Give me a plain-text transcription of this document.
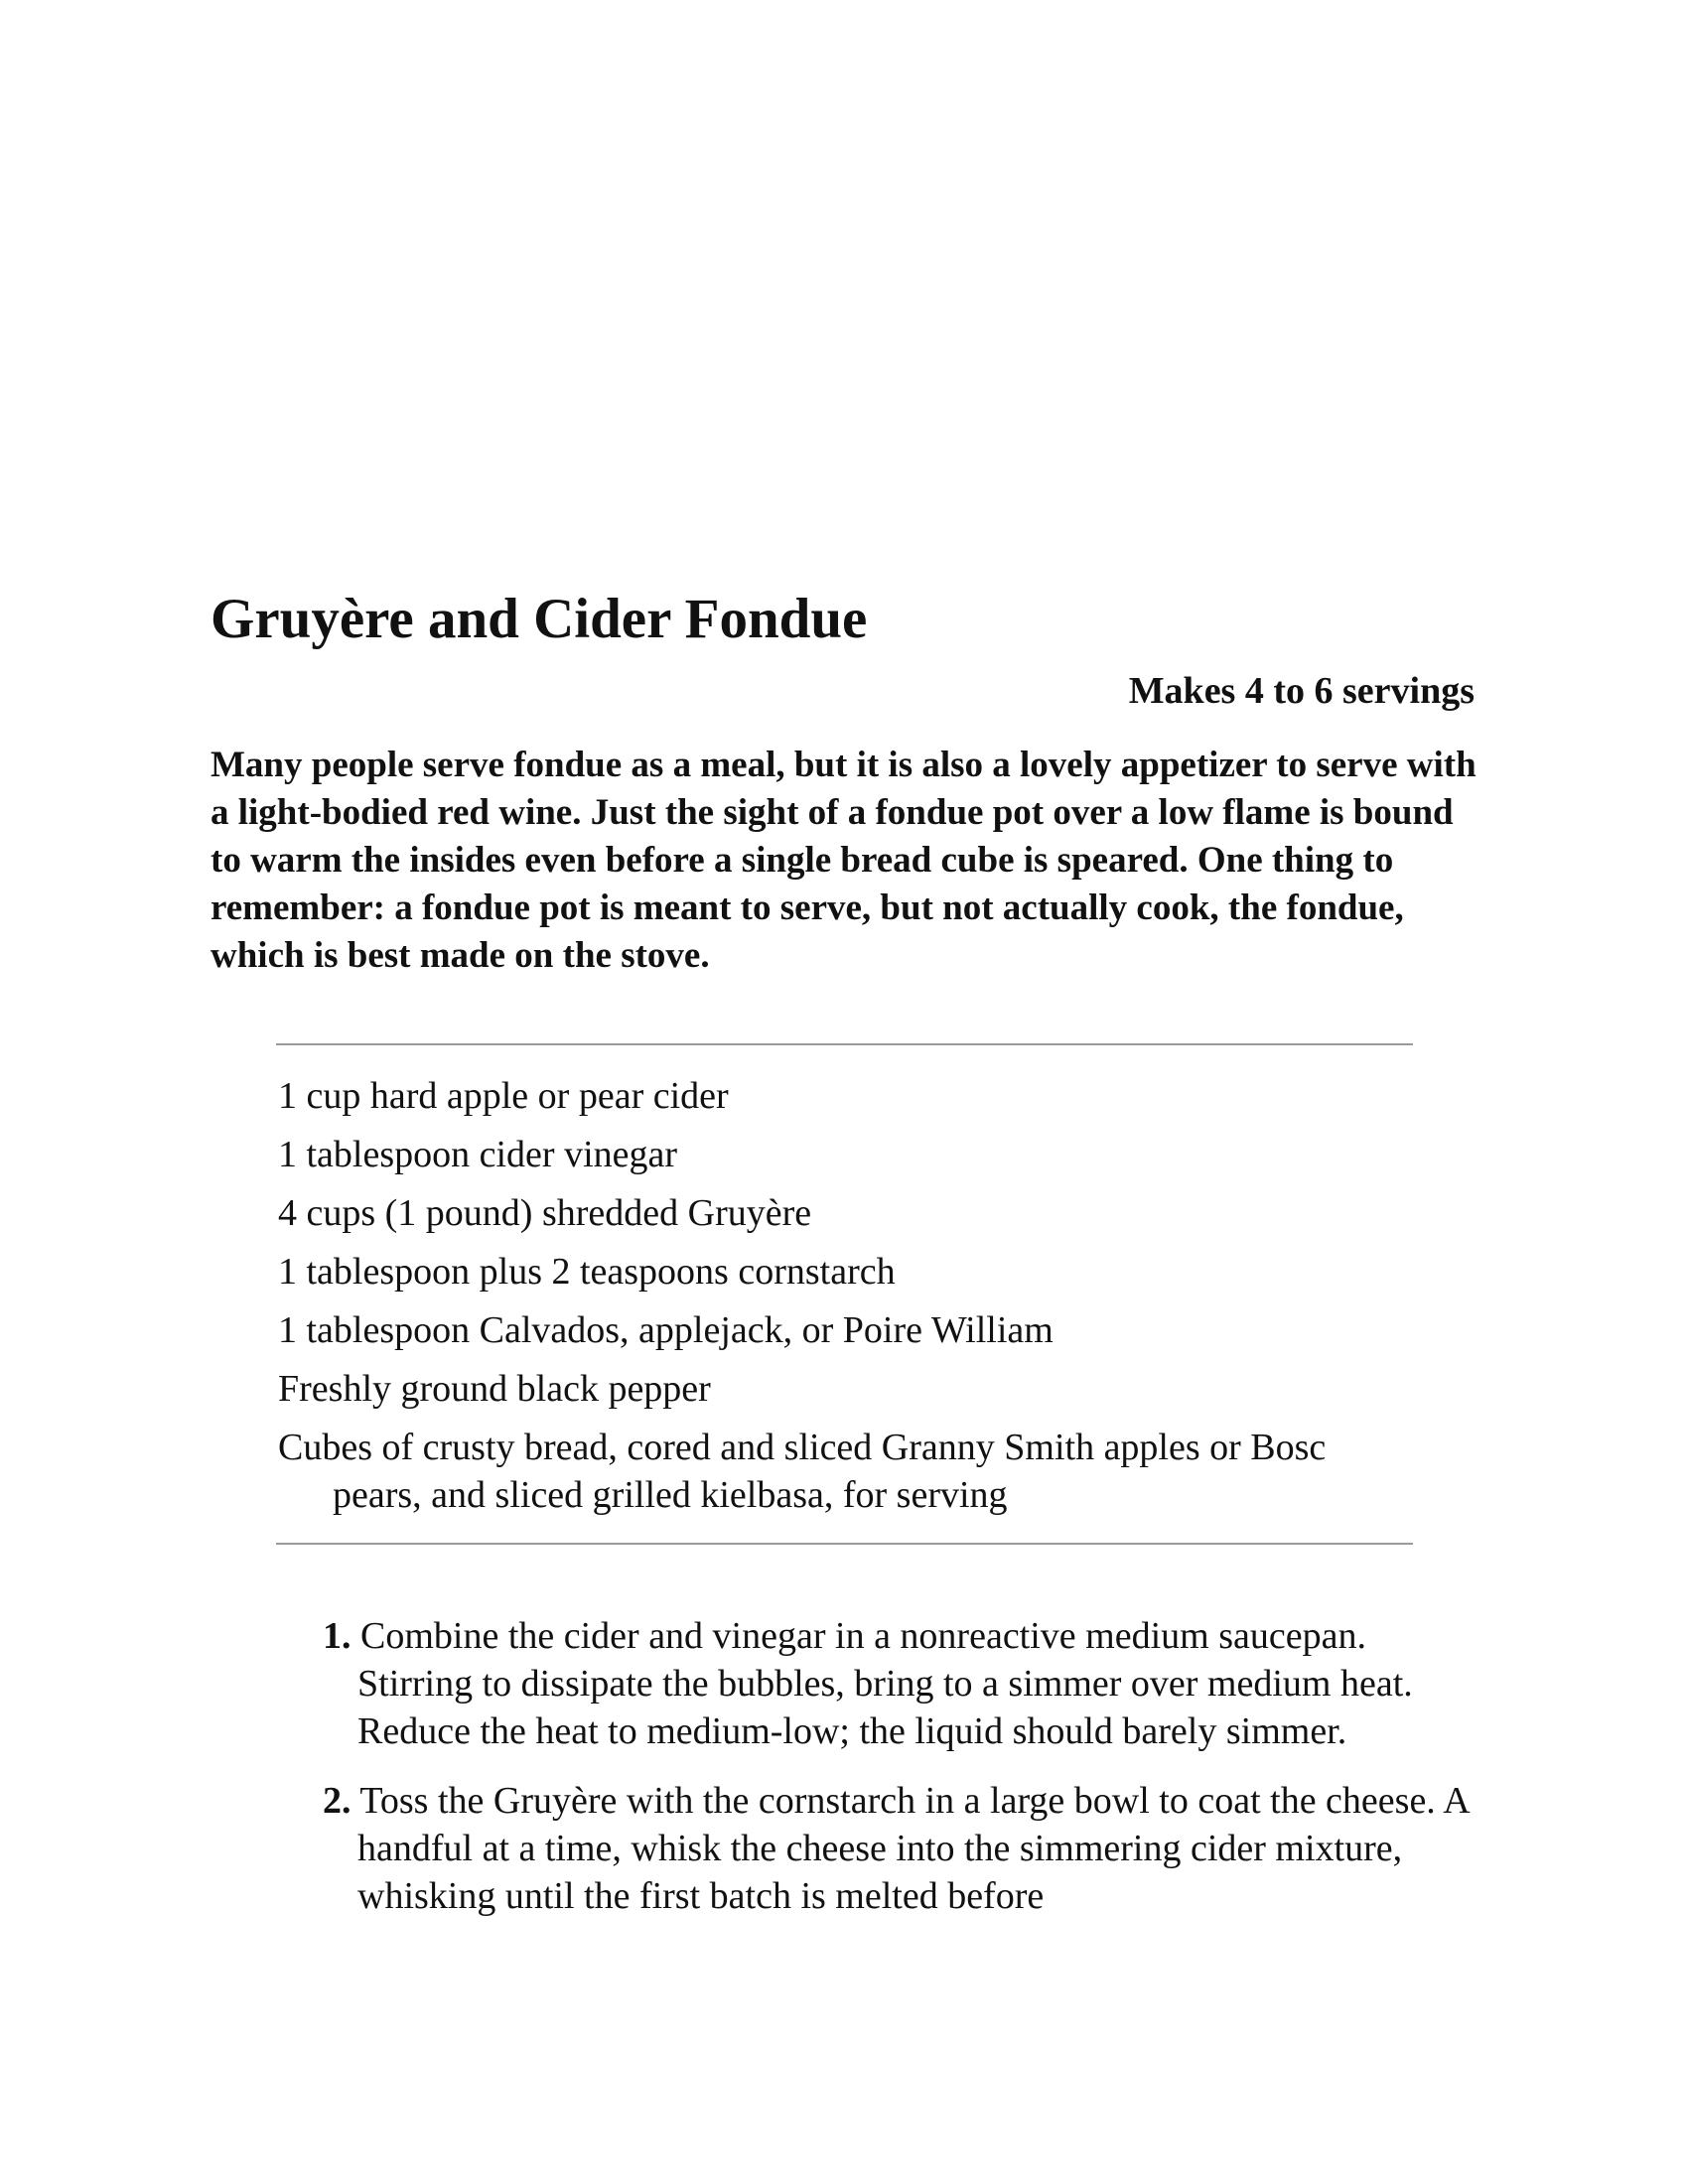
Gruyère and Cider Fondue

Makes 4 to 6 servings

Many people serve fondue as a meal, but it is also a lovely appetizer to serve with a light-bodied red wine. Just the sight of a fondue pot over a low flame is bound to warm the insides even before a single bread cube is speared. One thing to remember: a fondue pot is meant to serve, but not actually cook, the fondue, which is best made on the stove.

1 cup hard apple or pear cider
1 tablespoon cider vinegar
4 cups (1 pound) shredded Gruyère
1 tablespoon plus 2 teaspoons cornstarch
1 tablespoon Calvados, applejack, or Poire William
Freshly ground black pepper
Cubes of crusty bread, cored and sliced Granny Smith apples or Bosc pears, and sliced grilled kielbasa, for serving
1. Combine the cider and vinegar in a nonreactive medium saucepan. Stirring to dissipate the bubbles, bring to a simmer over medium heat. Reduce the heat to medium-low; the liquid should barely simmer.
2. Toss the Gruyère with the cornstarch in a large bowl to coat the cheese. A handful at a time, whisk the cheese into the simmering cider mixture, whisking until the first batch is melted before
